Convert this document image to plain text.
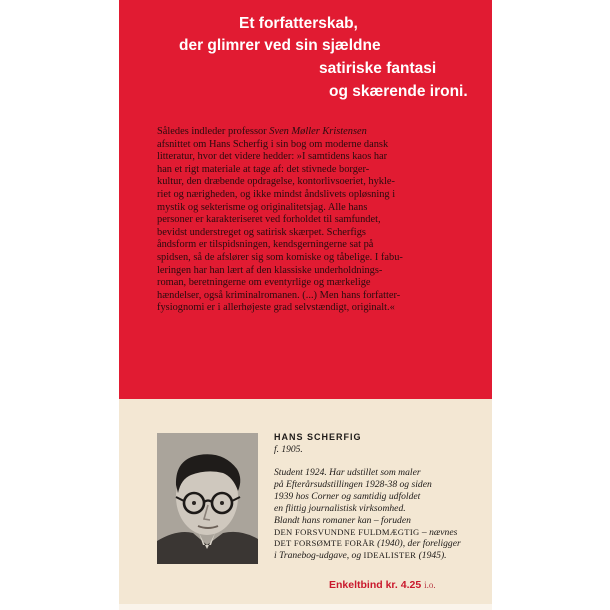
Et forfatterskab,
der glimrer ved sin sjældne
satiriske fantasi
og skærende ironi.
Således indleder professor Sven Møller Kristensen
afsnittet om Hans Scherfig i sin bog om moderne dansk
litteratur, hvor det videre hedder: »I samtidens kaos har
han et rigt materiale at tage af: det stivnede borger-
kultur, den dræbende opdragelse, kontorlivsoeriet, hykle-
riet og nærigheden, og ikke mindst åndslivets opløsning i
mystik og sekterisme og originalitetsjag. Alle hans
personer er karakteriseret ved forholdet til samfundet,
bevidst understreget og satirisk skærpet. Scherfigs
åndsform er tilspidsningen, kendsgerningerne sat på
spidsen, så de afslører sig som komiske og tåbelige. I fabu-
leringen har han lært af den klassiske underholdnings-
roman, beretningerne om eventyrlige og mærkelige
hændelser, også kriminalromanen. (...) Men hans forfatter-
fysiognomi er i allerhøjeste grad selvstændigt, originalt.«
HANS SCHERFIG
f. 1905.
Student 1924. Har udstillet som maler
på Efterårsudstillingen 1928-38 og siden
1939 hos Corner og samtidig udfoldet
en flittig journalistisk virksomhed.
Blandt hans romaner kan – foruden
DEN FORSVUNDNE FULDMÆGTIG – nævnes
DET FORSØMTE FORÅR (1940), der foreligger
i Tranebog-udgave, og IDEALISTER (1945).
Enkeltbind kr. 4.25 i.o.
